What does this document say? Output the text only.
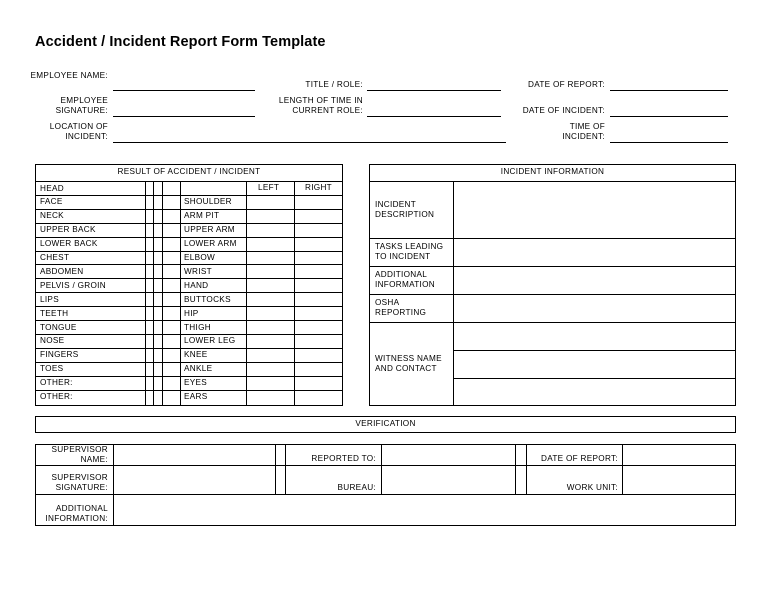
Accident / Incident Report Form Template
EMPLOYEE NAME:
EMPLOYEE SIGNATURE:
LOCATION OF INCIDENT:
TITLE / ROLE:
LENGTH OF TIME IN CURRENT ROLE:
DATE OF REPORT:
DATE OF INCIDENT:
TIME OF INCIDENT:
RESULT OF ACCIDENT / INCIDENT
LEFT	RIGHT
HEAD
FACE
NECK
UPPER BACK
LOWER BACK
CHEST
ABDOMEN
PELVIS / GROIN
LIPS
TEETH
TONGUE
NOSE
FINGERS
TOES
OTHER:
OTHER:
SHOULDER
ARM PIT
UPPER ARM
LOWER ARM
ELBOW
WRIST
HAND
BUTTOCKS
HIP
THIGH
LOWER LEG
KNEE
ANKLE
EYES
EARS
INCIDENT INFORMATION
INCIDENT DESCRIPTION
TASKS LEADING TO INCIDENT
ADDITIONAL INFORMATION
OSHA REPORTING
WITNESS NAME AND CONTACT
VERIFICATION
SUPERVISOR NAME:
SUPERVISOR SIGNATURE:
ADDITIONAL INFORMATION:
REPORTED TO:
BUREAU:
DATE OF REPORT:
WORK UNIT:
